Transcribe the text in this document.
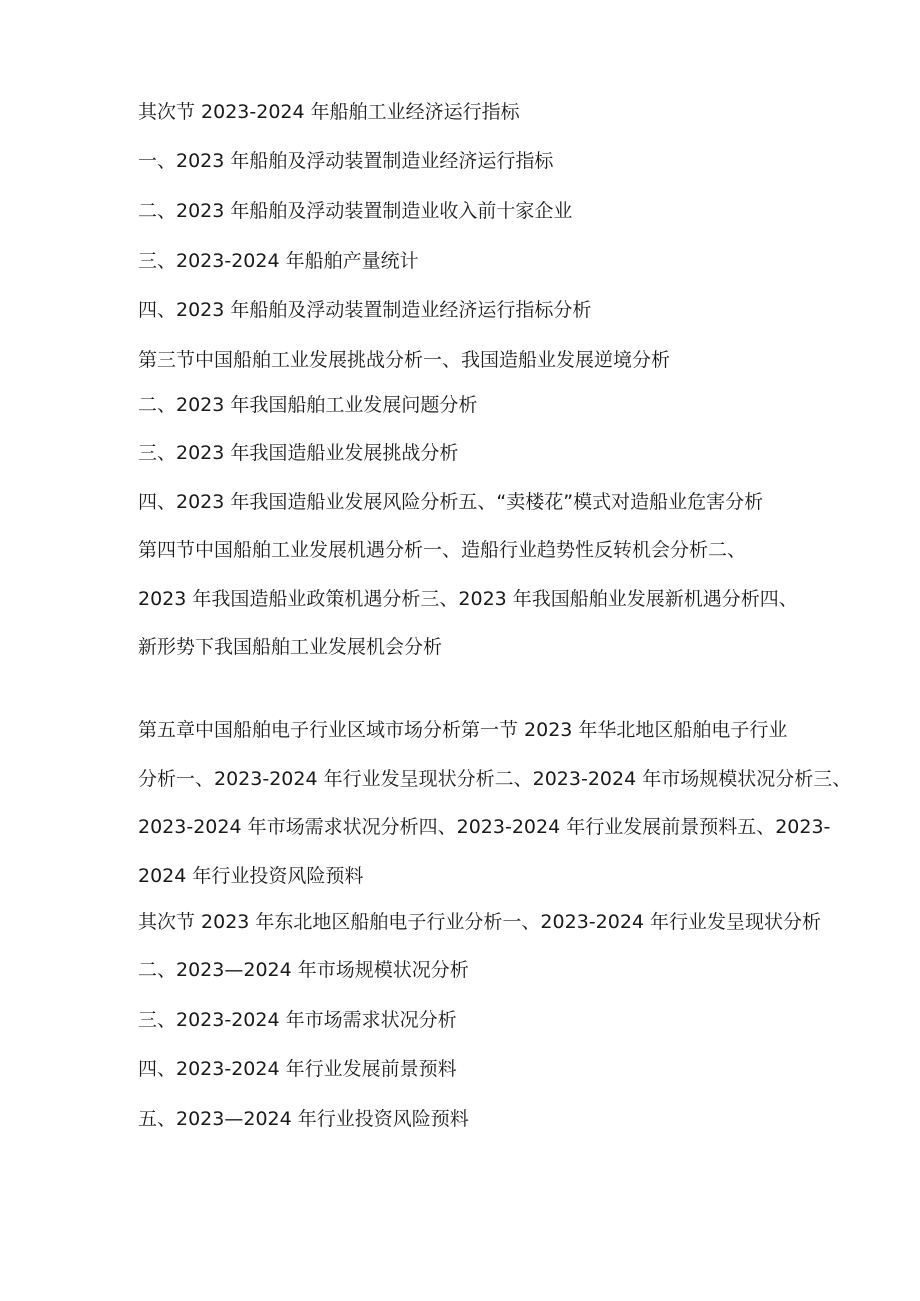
其次节 2023-2024 年船舶工业经济运行指标
一、2023 年船舶及浮动装置制造业经济运行指标
二、2023 年船舶及浮动装置制造业收入前十家企业
三、2023-2024 年船舶产量统计
四、2023 年船舶及浮动装置制造业经济运行指标分析
第三节中国船舶工业发展挑战分析一、我国造船业发展逆境分析
二、2023 年我国船舶工业发展问题分析
三、2023 年我国造船业发展挑战分析
四、2023 年我国造船业发展风险分析五、“卖楼花”模式对造船业危害分析
第四节中国船舶工业发展机遇分析一、造船行业趋势性反转机会分析二、
2023 年我国造船业政策机遇分析三、2023 年我国船舶业发展新机遇分析四、
新形势下我国船舶工业发展机会分析
第五章中国船舶电子行业区域市场分析第一节 2023 年华北地区船舶电子行业
分析一、2023-2024 年行业发呈现状分析二、2023-2024 年市场规模状况分析三、
2023-2024 年市场需求状况分析四、2023-2024 年行业发展前景预料五、2023-
2024 年行业投资风险预料
其次节 2023 年东北地区船舶电子行业分析一、2023-2024 年行业发呈现状分析
二、2023—2024 年市场规模状况分析
三、2023-2024 年市场需求状况分析
四、2023-2024 年行业发展前景预料
五、2023—2024 年行业投资风险预料
